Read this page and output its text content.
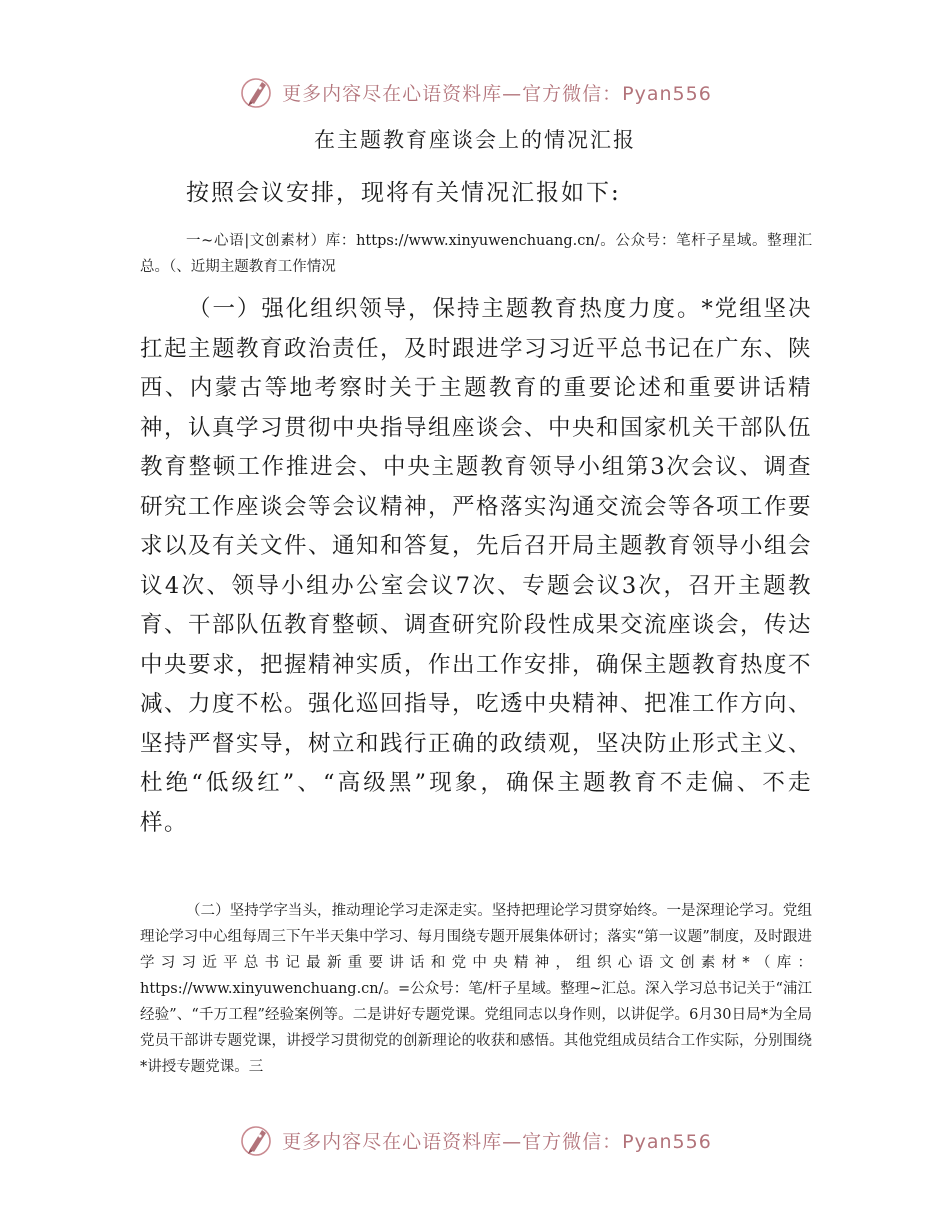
更多内容尽在心语资料库—官方微信：Pyan556
在主题教育座谈会上的情况汇报
按照会议安排，现将有关情况汇报如下:

一~心语|文创素材）库：https://www.xinyuwenchuang.cn/。公众号：笔杆子星域。整理汇总。（、近期主题教育工作情况

（一）强化组织领导，保持主题教育热度力度。*党组坚决扛起主题教育政治责任，及时跟进学习习近平总书记在广东、陕西、内蒙古等地考察时关于主题教育的重要论述和重要讲话精神，认真学习贯彻中央指导组座谈会、中央和国家机关干部队伍教育整顿工作推进会、中央主题教育领导小组第3次会议、调查研究工作座谈会等会议精神，严格落实沟通交流会等各项工作要求以及有关文件、通知和答复，先后召开局主题教育领导小组会议4次、领导小组办公室会议7次、专题会议3次，召开主题教育、干部队伍教育整顿、调查研究阶段性成果交流座谈会，传达中央要求，把握精神实质，作出工作安排，确保主题教育热度不减、力度不松。强化巡回指导，吃透中央精神、把准工作方向、坚持严督实导，树立和践行正确的政绩观，坚决防止形式主义、杜绝“低级红”、“高级黑”现象，确保主题教育不走偏、不走样。

（二）坚持学字当头，推动理论学习走深走实。坚持把理论学习贯穿始终。一是深理论学习。党组理论学习中心组每周三下午半天集中学习、每月围绕专题开展集体研讨；落实“第一议题”制度，及时跟进学习习近平总书记最新重要讲话和党中央精神，组织心语文创素材*（库：https://www.xinyuwenchuang.cn/。=公众号：笔/杆子星域。整理~汇总。深入学习总书记关于“浦江经验”、“千万工程”经验案例等。二是讲好专题党课。党组同志以身作则，以讲促学。6月30日局*为全局党员干部讲专题党课，讲授学习贯彻党的创新理论的收获和感悟。其他党组成员结合工作实际，分别围绕*讲授专题党课。三

更多内容尽在心语资料库—官方微信：Pyan556
